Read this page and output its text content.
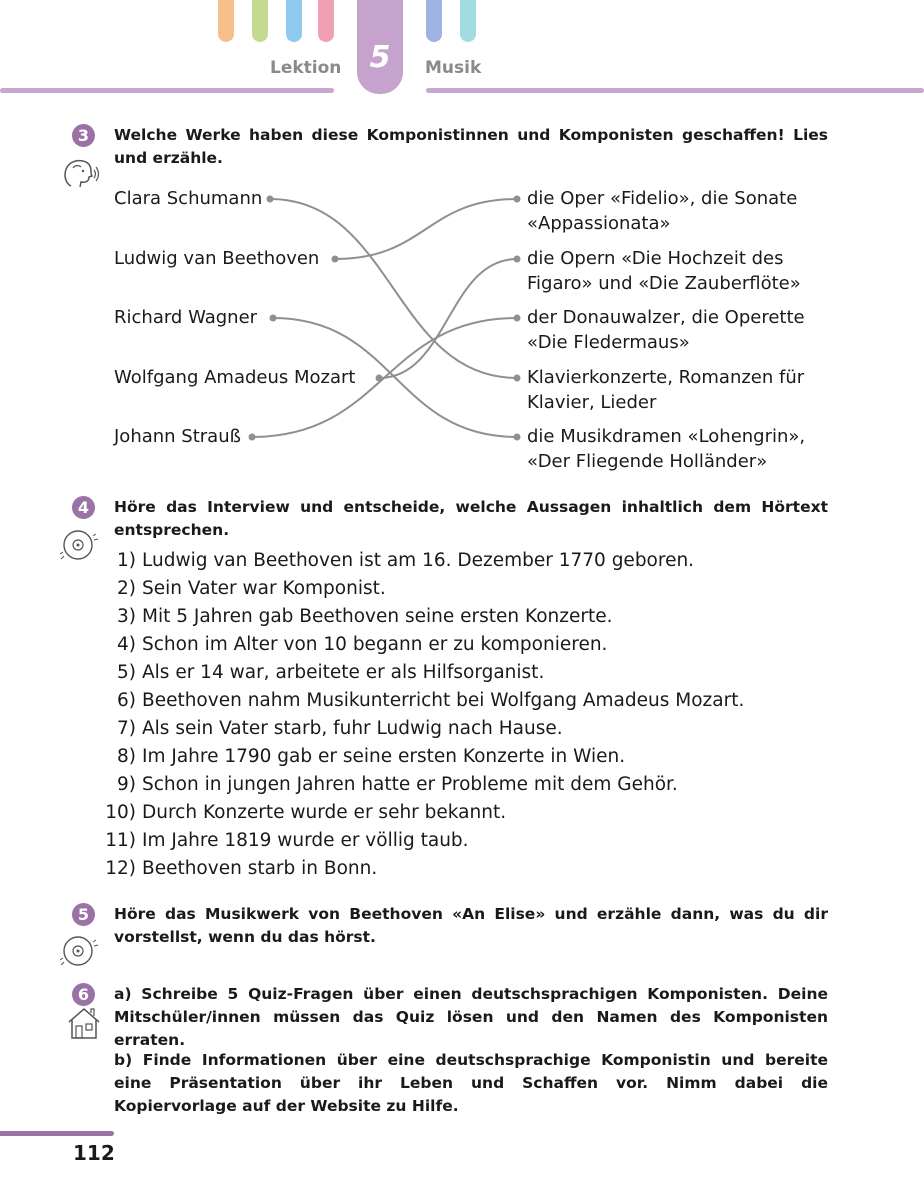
Lektion 5	Musik
3	Welche Werke haben diese Komponistinnen und Komponisten geschaffen! Lies und erzähle.
Clara Schumann
Ludwig van Beethoven
Richard Wagner
Wolfgang Amadeus Mozart
Johann Strauß
die Oper «Fidelio», die Sonate «Appassionata»
die Opern «Die Hochzeit des Figaro» und «Die Zauberflöte»
der Donauwalzer, die Operette «Die Fledermaus»
Klavierkonzerte, Romanzen für Klavier, Lieder
die Musikdramen «Lohengrin», «Der Fliegende Holländer»
4	Höre das Interview und entscheide, welche Aussagen inhaltlich dem Hörtext entsprechen.
1) Ludwig van Beethoven ist am 16. Dezember 1770 geboren.
2) Sein Vater war Komponist.
3) Mit 5 Jahren gab Beethoven seine ersten Konzerte.
4) Schon im Alter von 10 begann er zu komponieren.
5) Als er 14 war, arbeitete er als Hilfsorganist.
6) Beethoven nahm Musikunterricht bei Wolfgang Amadeus Mozart.
7) Als sein Vater starb, fuhr Ludwig nach Hause.
8) Im Jahre 1790 gab er seine ersten Konzerte in Wien.
9) Schon in jungen Jahren hatte er Probleme mit dem Gehör.
10) Durch Konzerte wurde er sehr bekannt.
11) Im Jahre 1819 wurde er völlig taub.
12) Beethoven starb in Bonn.
5	Höre das Musikwerk von Beethoven «An Elise» und erzähle dann, was du dir vorstellst, wenn du das hörst.
6	a) Schreibe 5 Quiz-Fragen über einen deutschsprachigen Komponisten. Deine Mitschüler/innen müssen das Quiz lösen und den Namen des Komponisten erraten.
b) Finde Informationen über eine deutschsprachige Komponistin und bereite eine Präsentation über ihr Leben und Schaffen vor. Nimm dabei die Kopiervorlage auf der Website zu Hilfe.
112
